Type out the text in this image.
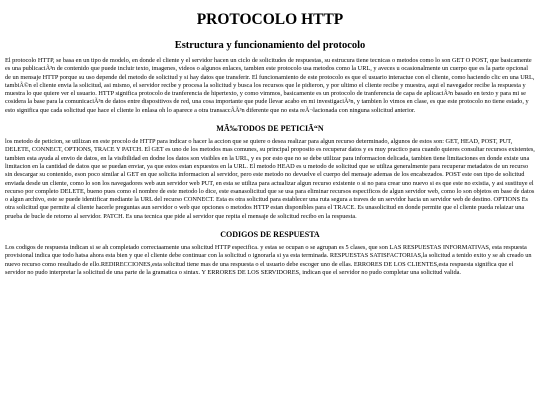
PROTOCOLO HTTP
Estructura y funcionamiento del protocolo

El protocolo HTTP, se basa en un tipo de modelo, en donde el cliente y el servidor hacen un ciclo de solicitudes de respuestas, su estrucura tiene tecnicas o metodos como lo son GET O POST, que basicamente es una publicaciÃ³n de contenido que puede incluir texto, imagenes, videos o algunos enlaces, tambien este protocolo usa metodos como la URL, y aveces u ocasionalmente un cuerpo que es la parte opcional de un mensaje HTTP porque su uso depende del metodo de solicitud y si hay datos que transferir. El funcionamiento de este protocolo es que el usuario interactue con el cliente, como haciendo clic en una URL, tambiÃ©n el cliente envia la solicitud, asi mismo, el servidor recibe y procesa la solicitud y busca los recursos que le pidieron, y por ultimo el cliente recibe y muestra, aqui el navegador recibe la respuesta y muestra lo que quiere ver el usuario. HTTP significa protocolo de tranferencia de hipertexto, y como vimmos, basicamente es un protocolo de tranferencia de capa de aplicaciÃ³n basado en texto y para mi se cosidera la base para la comunicaciÃ³n de datos entre dispositivos de red, una cosa importante que pude llevar acabo en mi investigaciÃ³n, y tambien lo vimos en clase, es que este protocolo no tiene estado, y esto significa que cada solicitud que hace el cliente lo enlasa oh lo aparece a otra transaccÃÃ³n diferente que no esta reÃ¬lacionada con ninguna solicitud anterior.

MÃ‰TODOS DE PETICIÃ“N

los metodo de peticion, se utilizan en este procolo de HTTP para indicar o hacer la accion que se quiere o desea realizar para algun recurso determinado, algunos de estos son: GET, HEAD, POST, PUT, DELETE, CONNECT, OPTIONS, TRACE Y PATCH. El GET es uno de los metodos mas comunes, su principal proposito es recuperar datos y es muy practico para cuando quieres consultar recursos existentes, tambien esta ayuda al envio de datos, en la visibilidad en dodne los datos son visibles en la URL, y es por esto que no se debe utilizar para informacion delicada, tambien tiene limitaciones en donde existe una limitacion en la cantidad de datos que se puedan enviar, ya que estos estan expuestos en la URL. El metodo HEAD es u metodo de solicitud que se utiliza generalmente para recuperar metadatos de un recurso sin descargar su contenido, eson poco similar al GET en que solicita informacion al servidor, pero este metodo no devuelve el cuerpo del mensaje ademas de los encabezados. POST este osn tipo de solicitud enviada desde un cliente, como lo son los navegadores web aun servidor web PUT, en esta se utiliza para actualizar algun recurso existente o si no para crear uno nuevo si es que este no existia, y asi sustituye el recurso por completo DELETE, bueno pues como el nombre de este metodo lo dice, este esanasolicitud que se usa para eliminar recursos especificos de algun servidor web, como lo son objetos en base de datos o algun archivo, este se puede identificar mediante la URL del recurso CONNECT. Esta es otra solicitud para establecer una ruta segura a traves de un servidor hacia un servidor web de destino. OPTIONS Es otra solicitud que permite al cliente hacerle preguntas aun servidor o web que opciones o metodos HTTP estan disponibles para el TRACE. Es unasolicitud en donde permite que el cliente pueda relaizar una prueba de bucle de retorno al servidor. PATCH. Es una tecnica que pide al servidor que repita el mensaje de solicitud recibo en la respuesta.

CODIGOS DE RESPUESTA

Los codigos de respuesta indican si se ah completado correctaamente una solicitud HTTP especifica. y estas se ocupan o se agrupan es 5 clases, que son LAS RESPUESTAS INFORMATIVAS, esta respuesta provisional indica que todo hatsa ahora esta bien y que el cliente debe continuar con la solicitud o ignorarla si ya esta terminada. RESPUESTAS SATISFACTORIAS,la solicitud a tenido exito y se ah creado un nuevo recurso como resultado de ello.REDIRECCIONES,esta solicitud tiene mas de una respuesta o el usuario debe escoger uno de ellas. ERRORES DE LOS CLIENTES,esta respuesta significa que el servidor no pudo interpretar la solicitud de una parte de la gramatica o sintax. Y ERRORES DE LOS SERVIDORES, indican que el servidor no pudo completar una solicitud valida.
